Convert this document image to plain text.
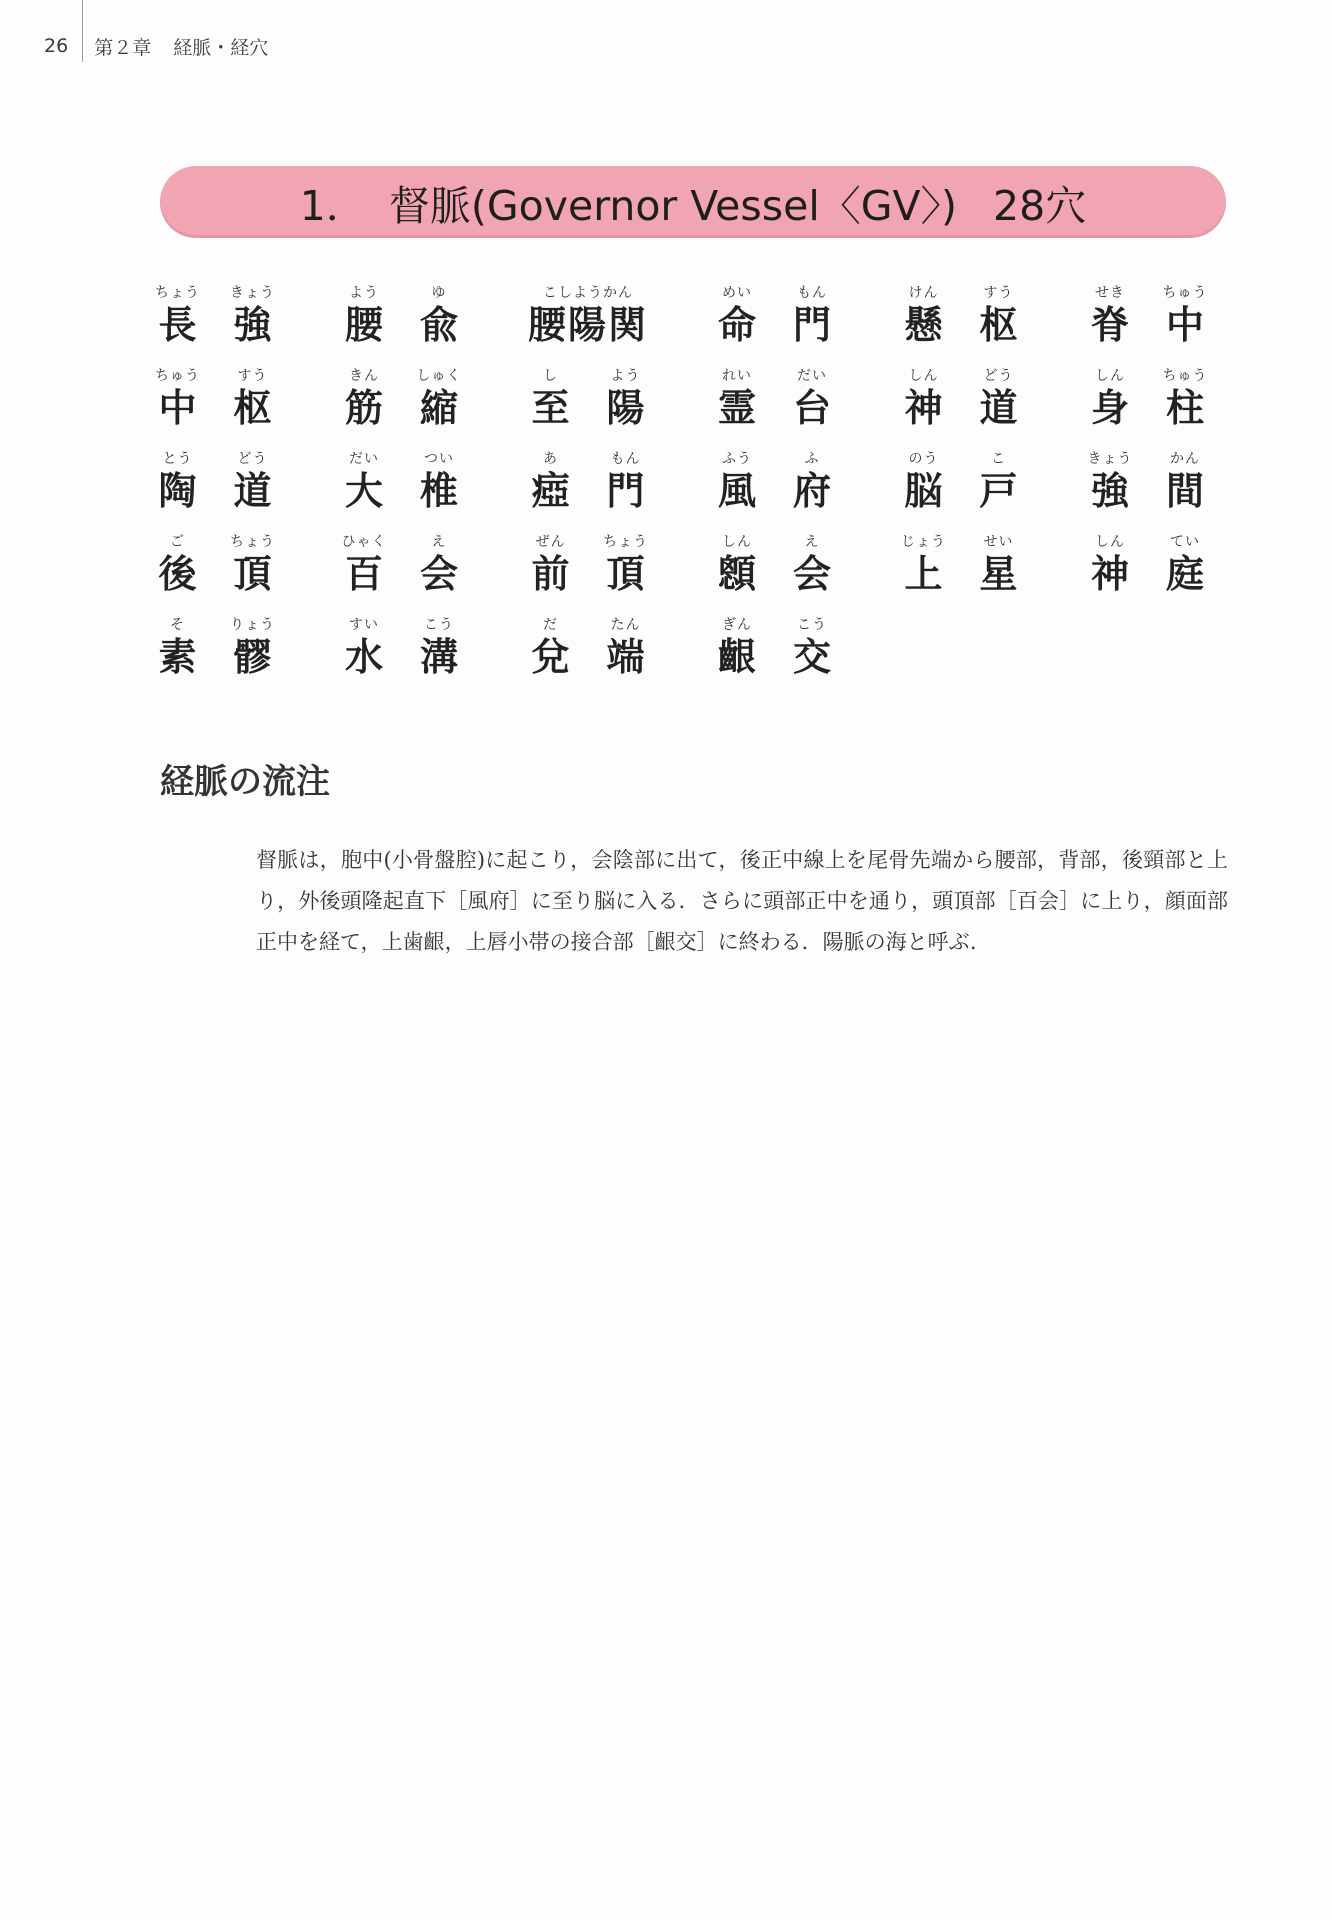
26	第２章 経脈・経穴
1． 督脈(Governor Vessel〈GV〉) 28穴
ちょう
長
きょう
強
よう
腰
ゆ
兪
こしようかん
腰陽関
めい
命
もん
門
けん
懸
すう
枢
せき
脊
ちゅう
中
ちゅう
中
すう
枢
きん
筋
しゅく
縮
し
至
よう
陽
れい
霊
だい
台
しん
神
どう
道
しん
身
ちゅう
柱
とう
陶
どう
道
だい
大
つい
椎
あ
瘂
もん
門
ふう
風
ふ
府
のう
脳
こ
戸
きょう
強
かん
間
ご
後
ちょう
頂
ひゃく
百
え
会
ぜん
前
ちょう
頂
しん
顖
え
会
じょう
上
せい
星
しん
神
てい
庭
そ
素
りょう
髎
すい
水
こう
溝
だ
兌
たん
端
ぎん
齦
こう
交
経脈の流注

督脈は，胞中(小骨盤腔)に起こり，会陰部に出て，後正中線上を尾骨先端から腰部，背部，後頸部と上り，外後頭隆起直下［風府］に至り脳に入る．さらに頭部正中を通り，頭頂部［百会］に上り，顔面部正中を経て，上歯齦，上唇小帯の接合部［齦交］に終わる．陽脈の海と呼ぶ．
